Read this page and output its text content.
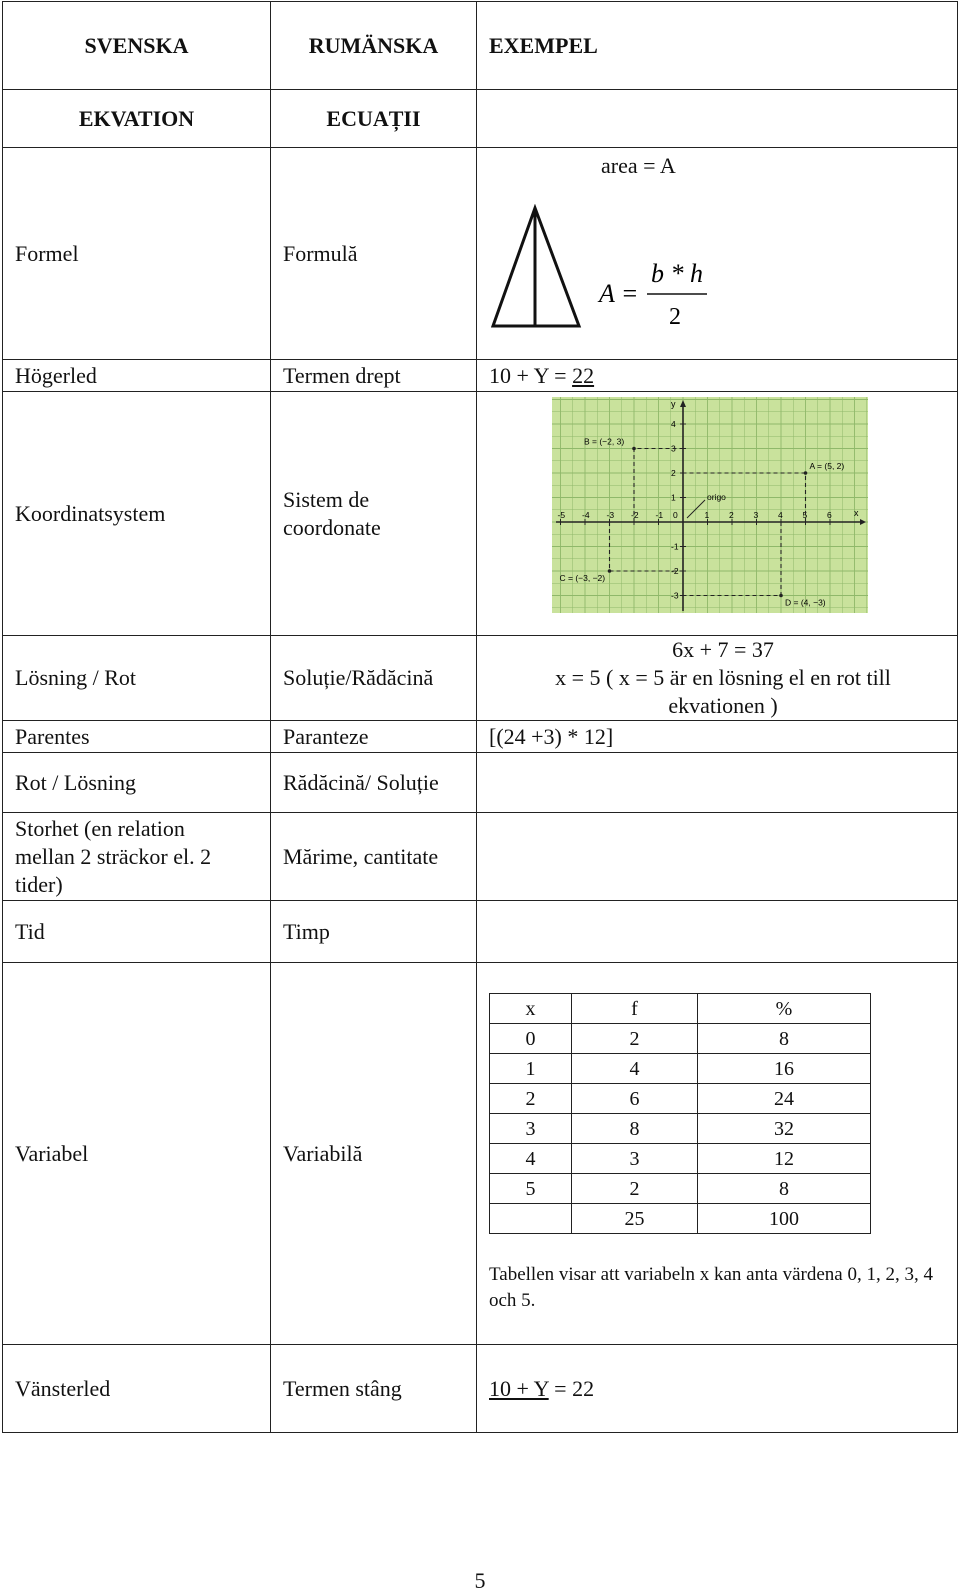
SVENSKA	RUMÄNSKA	EXEMPEL
EKVATION	ECUAȚII	
Formel	Formulă	
area = A
A =
b * h
2

Högerled	Termen drept	10 + Y = 22
Koordinatsystem	Sistem de
coordonate	
x
y
-5 -4 -3 -2 -1 0	1 2 3 4 5 6
4
3
2
1
-1
-2
-3
A = (5, 2)
B = (−2, 3)
C = (−3, −2)
D = (4, −3)
origo

Lösning / Rot	Soluție/Rădăcină	6x + 7 = 37
x = 5 ( x = 5 är en lösning el en rot till
ekvationen )
Parentes	Paranteze	[(24 +3) * 12]
Rot / Lösning	Rădăcină/ Soluție	
Storhet (en relation
mellan 2 sträckor el. 2
tider)	Mărime, cantitate	
Tid	Timp	
Variabel	Variabilă	
x	f	%
0	2	8
1	4	16
2	6	24
3	8	32
4	3	12
5	2	8
	25	100
Tabellen visar att variabeln x kan anta värdena 0, 1, 2, 3, 4 och 5.

Vänsterled	Termen stâng	10 + Y = 22
5
